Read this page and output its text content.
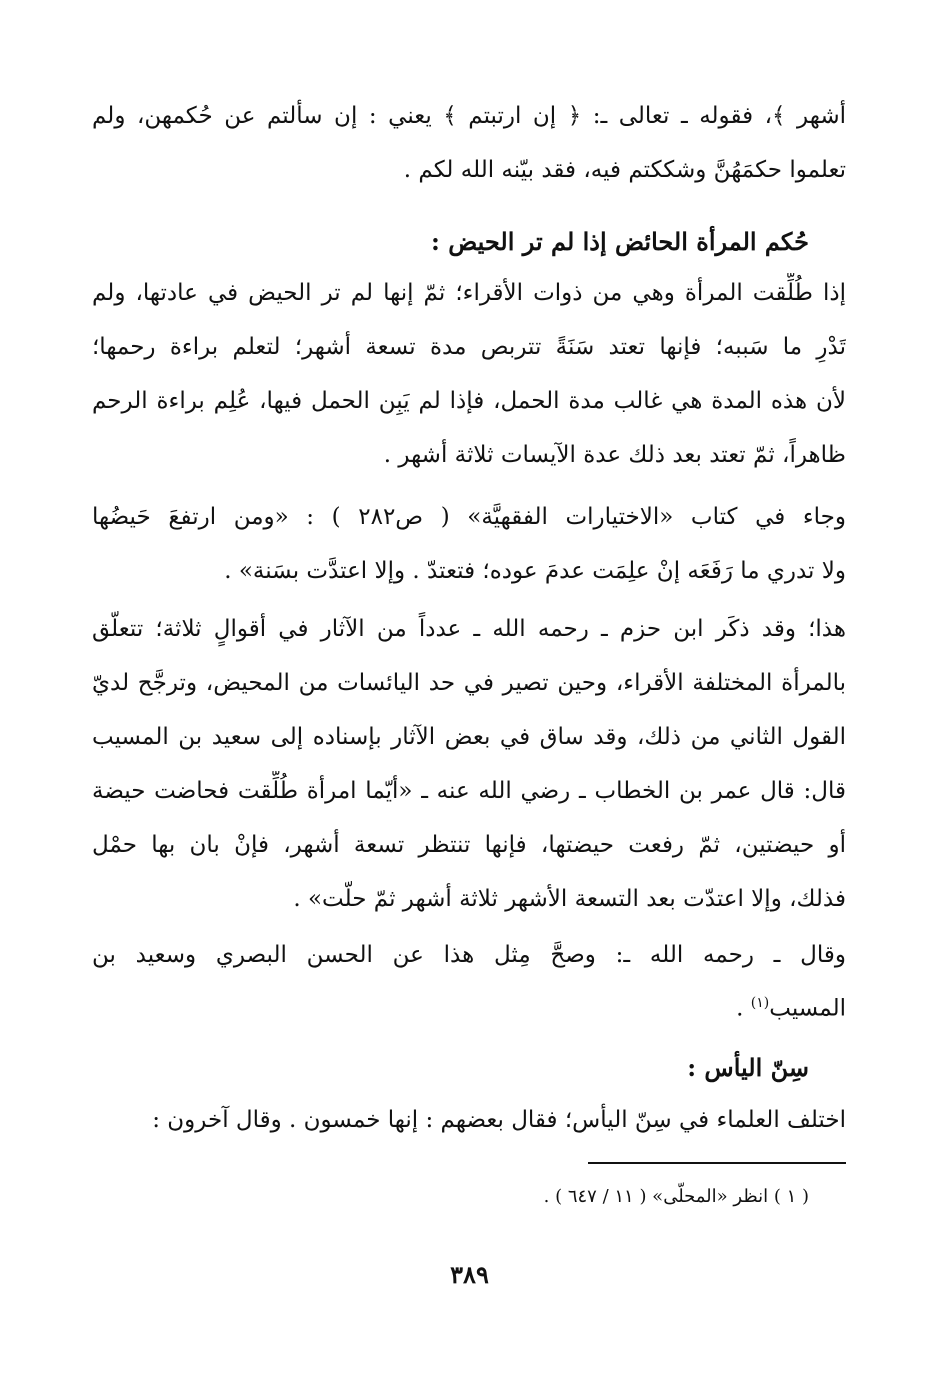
أشهر ﴾، فقوله ـ تعالى ـ: ﴿ إن ارتبتم ﴾ يعني : إن سألتم عن حُكمهن، ولم
تعلموا حكمَهُنَّ وشككتم فيه، فقد بيّنه الله لكم .
حُكم المرأة الحائض إذا لم تر الحيض :
إذا طُلِّقت المرأة وهي من ذوات الأقراء؛ ثمّ إنها لم تر الحيض في عادتها، ولم
تَدْرِ ما سَببه؛ فإنها تعتد سَنَةً تتربص مدة تسعة أشهر؛ لتعلم براءة رحمها؛
لأن هذه المدة هي غالب مدة الحمل، فإذا لم يَبِن الحمل فيها، عُلِم براءة الرحم
ظاهراً، ثمّ تعتد بعد ذلك عدة الآيسات ثلاثة أشهر .
وجاء في كتاب «الاختيارات الفقهيَّة» ( ص٢٨٢ ) : «ومن ارتفعَ حَيضُها
ولا تدري ما رَفَعَه إنْ علِمَت عدمَ عوده؛ فتعتدّ . وإلا اعتدَّت بسَنة» .
هذا؛ وقد ذكَر ابن حزم ـ رحمه الله ـ عدداً من الآثار في أقوالٍ ثلاثة؛ تتعلّق
بالمرأة المختلفة الأقراء، وحين تصير في حد اليائسات من المحيض، وترجَّح لديّ
القول الثاني من ذلك، وقد ساق في بعض الآثار بإسناده إلى سعيد بن المسيب
قال: قال عمر بن الخطاب ـ رضي الله عنه ـ «أيّما امرأة طُلِّقت فحاضت حيضة
أو حيضتين، ثمّ رفعت حيضتها، فإنها تنتظر تسعة أشهر، فإنْ بان بها حمْل
فذلك، وإلا اعتدّت بعد التسعة الأشهر ثلاثة أشهر ثمّ حلّت» .
وقال ـ رحمه الله ـ: وصحَّ مِثل هذا عن الحسن البصري وسعيد بن
المسيب$^{(١)}$ .
سِنّ اليأس :
اختلف العلماء في سِنّ اليأس؛ فقال بعضهم : إنها خمسون . وقال آخرون :
( ١ ) انظر «المحلّى» ( ١١ / ٦٤٧ ) .
٣٨٩
